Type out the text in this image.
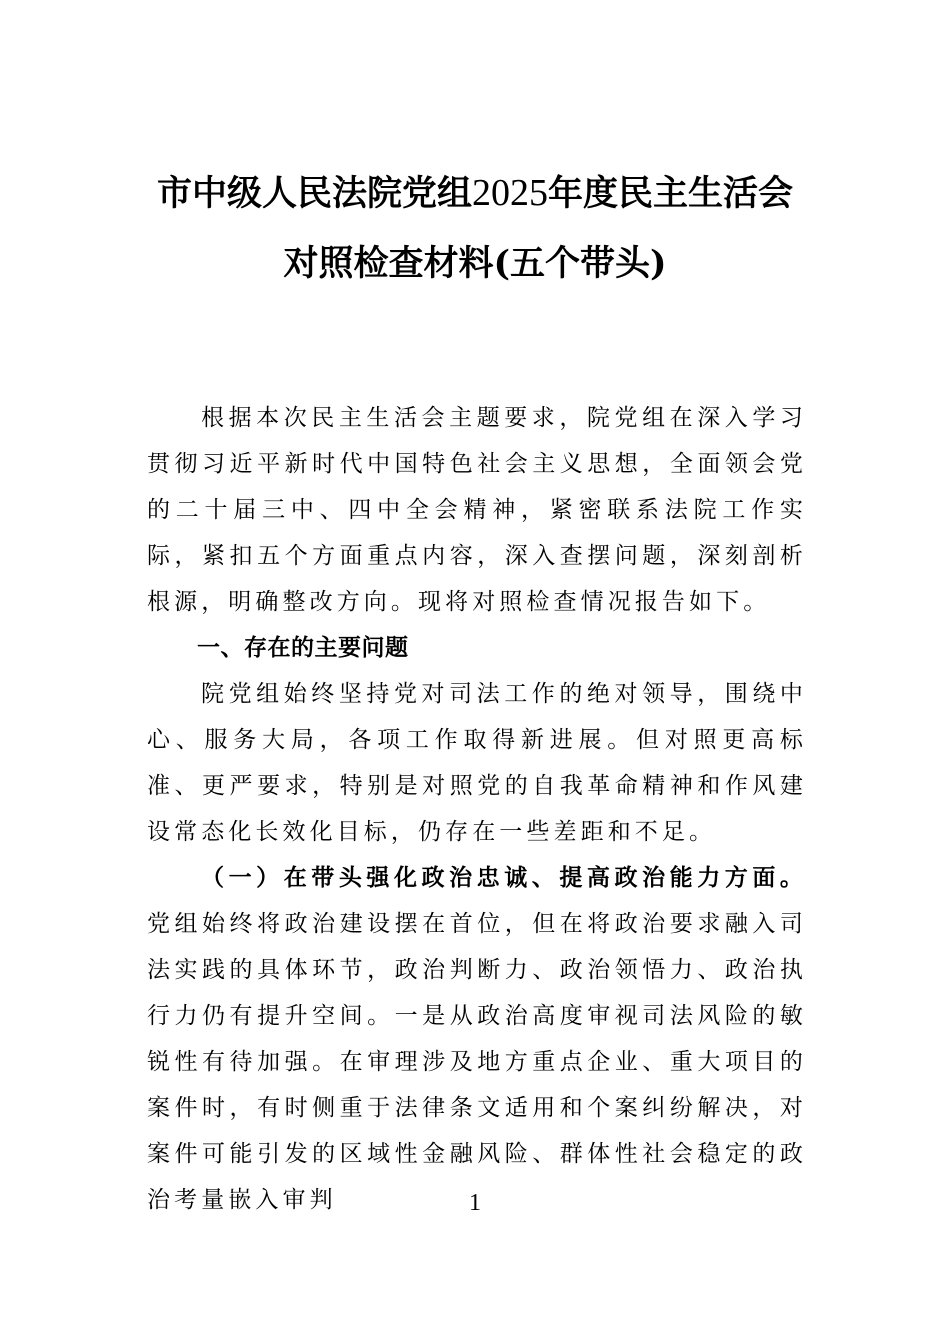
市中级人民法院党组2025年度民主生活会
对照检查材料(五个带头)

根据本次民主生活会主题要求，院党组在深入学习贯彻习近平新时代中国特色社会主义思想，全面领会党的二十届三中、四中全会精神，紧密联系法院工作实际，紧扣五个方面重点内容，深入查摆问题，深刻剖析根源，明确整改方向。现将对照检查情况报告如下。

一、存在的主要问题

院党组始终坚持党对司法工作的绝对领导，围绕中心、服务大局，各项工作取得新进展。但对照更高标准、更严要求，特别是对照党的自我革命精神和作风建设常态化长效化目标，仍存在一些差距和不足。

（一）在带头强化政治忠诚、提高政治能力方面。党组始终将政治建设摆在首位，但在将政治要求融入司法实践的具体环节，政治判断力、政治领悟力、政治执行力仍有提升空间。一是从政治高度审视司法风险的敏锐性有待加强。在审理涉及地方重点企业、重大项目的案件时，有时侧重于法律条文适用和个案纠纷解决，对案件可能引发的区域性金融风险、群体性社会稳定的政治考量嵌入审判	1
